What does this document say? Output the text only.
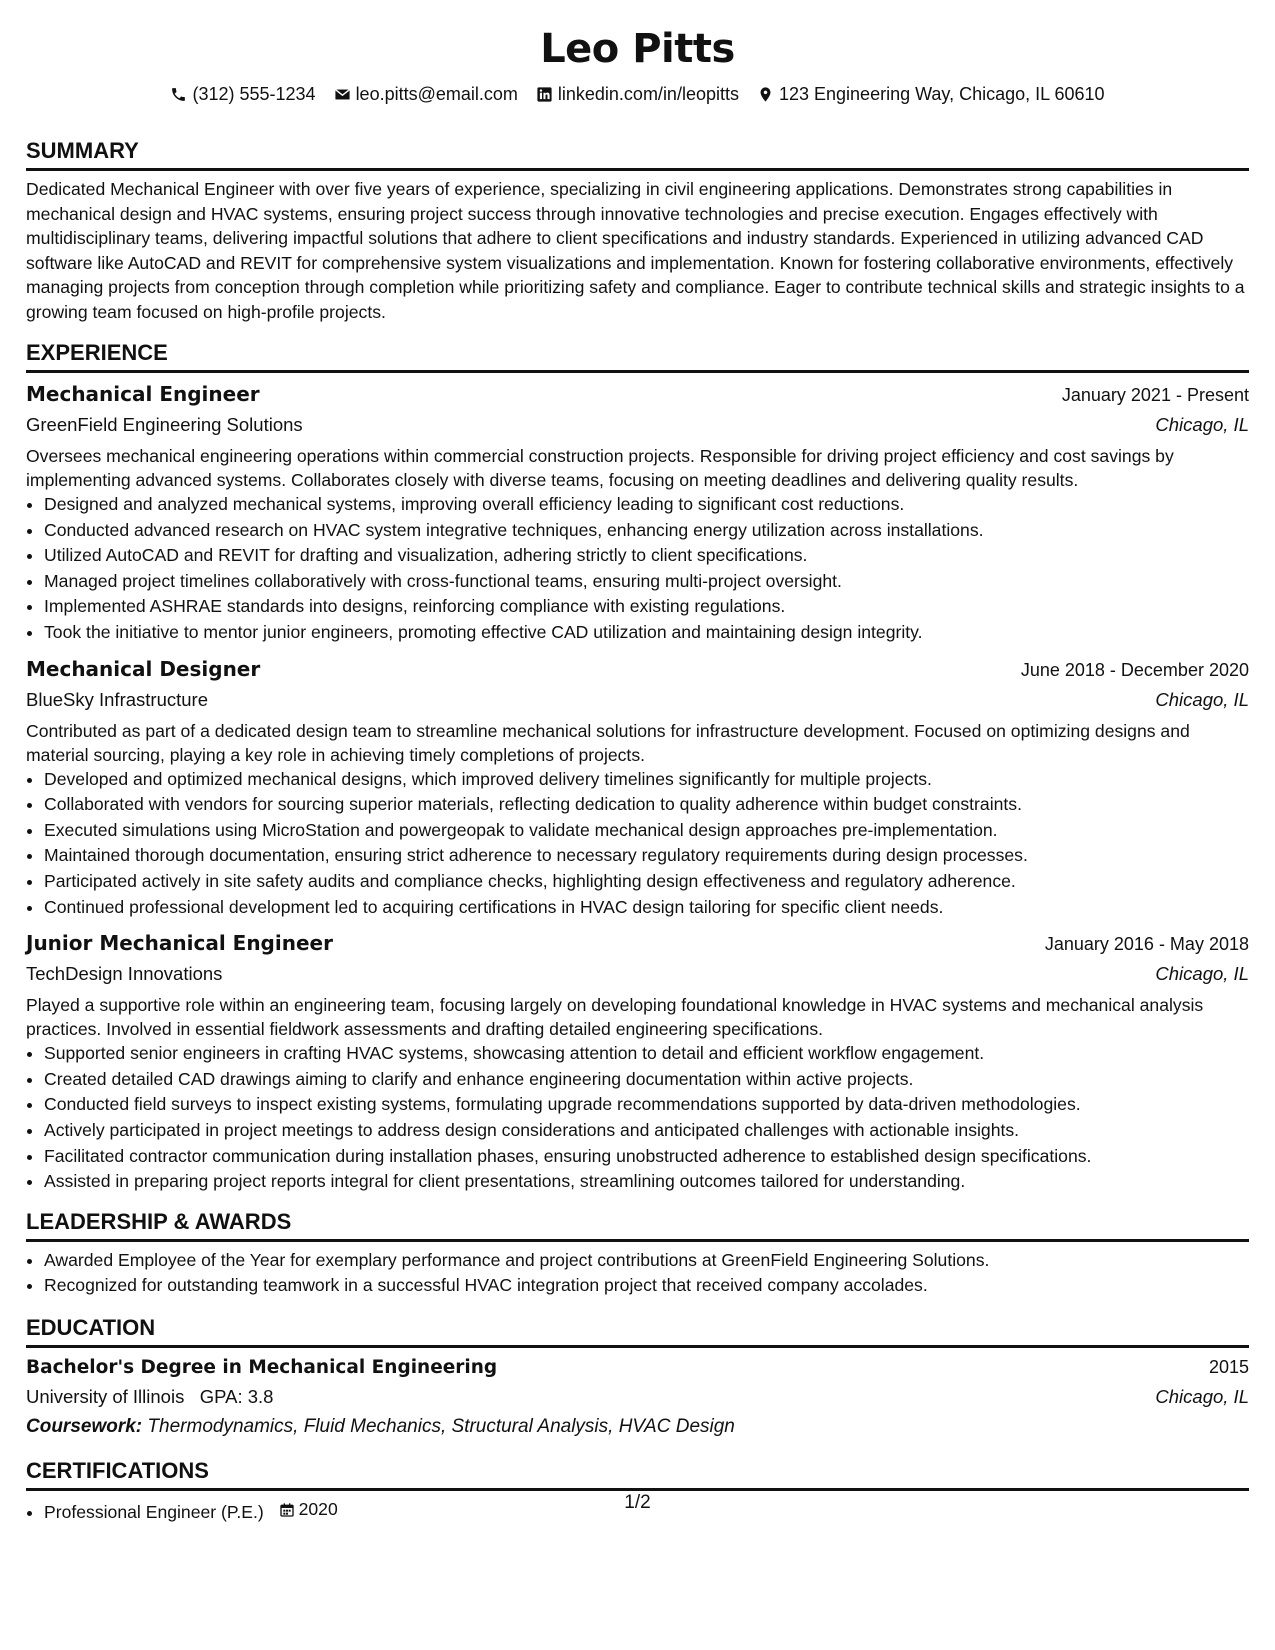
Leo Pitts
(312) 555-1234 leo.pitts@email.com linkedin.com/in/leopitts 123 Engineering Way, Chicago, IL 60610
SUMMARY
Dedicated Mechanical Engineer with over five years of experience, specializing in civil engineering applications. Demonstrates strong capabilities in mechanical design and HVAC systems, ensuring project success through innovative technologies and precise execution. Engages effectively with multidisciplinary teams, delivering impactful solutions that adhere to client specifications and industry standards. Experienced in utilizing advanced CAD software like AutoCAD and REVIT for comprehensive system visualizations and implementation. Known for fostering collaborative environments, effectively managing projects from conception through completion while prioritizing safety and compliance. Eager to contribute technical skills and strategic insights to a growing team focused on high-profile projects.
EXPERIENCE
Mechanical Engineer	January 2021 - Present
GreenField Engineering Solutions	Chicago, IL
Oversees mechanical engineering operations within commercial construction projects. Responsible for driving project efficiency and cost savings by implementing advanced systems. Collaborates closely with diverse teams, focusing on meeting deadlines and delivering quality results.
• Designed and analyzed mechanical systems, improving overall efficiency leading to significant cost reductions.
• Conducted advanced research on HVAC system integrative techniques, enhancing energy utilization across installations.
• Utilized AutoCAD and REVIT for drafting and visualization, adhering strictly to client specifications.
• Managed project timelines collaboratively with cross-functional teams, ensuring multi-project oversight.
• Implemented ASHRAE standards into designs, reinforcing compliance with existing regulations.
• Took the initiative to mentor junior engineers, promoting effective CAD utilization and maintaining design integrity.
Mechanical Designer	June 2018 - December 2020
BlueSky Infrastructure	Chicago, IL
Contributed as part of a dedicated design team to streamline mechanical solutions for infrastructure development. Focused on optimizing designs and material sourcing, playing a key role in achieving timely completions of projects.
• Developed and optimized mechanical designs, which improved delivery timelines significantly for multiple projects.
• Collaborated with vendors for sourcing superior materials, reflecting dedication to quality adherence within budget constraints.
• Executed simulations using MicroStation and powergeopak to validate mechanical design approaches pre-implementation.
• Maintained thorough documentation, ensuring strict adherence to necessary regulatory requirements during design processes.
• Participated actively in site safety audits and compliance checks, highlighting design effectiveness and regulatory adherence.
• Continued professional development led to acquiring certifications in HVAC design tailoring for specific client needs.
Junior Mechanical Engineer	January 2016 - May 2018
TechDesign Innovations	Chicago, IL
Played a supportive role within an engineering team, focusing largely on developing foundational knowledge in HVAC systems and mechanical analysis practices. Involved in essential fieldwork assessments and drafting detailed engineering specifications.
• Supported senior engineers in crafting HVAC systems, showcasing attention to detail and efficient workflow engagement.
• Created detailed CAD drawings aiming to clarify and enhance engineering documentation within active projects.
• Conducted field surveys to inspect existing systems, formulating upgrade recommendations supported by data-driven methodologies.
• Actively participated in project meetings to address design considerations and anticipated challenges with actionable insights.
• Facilitated contractor communication during installation phases, ensuring unobstructed adherence to established design specifications.
• Assisted in preparing project reports integral for client presentations, streamlining outcomes tailored for understanding.
LEADERSHIP & AWARDS
• Awarded Employee of the Year for exemplary performance and project contributions at GreenField Engineering Solutions.
• Recognized for outstanding teamwork in a successful HVAC integration project that received company accolades.
EDUCATION
Bachelor's Degree in Mechanical Engineering	2015
University of Illinois GPA: 3.8	Chicago, IL
Coursework: Thermodynamics, Fluid Mechanics, Structural Analysis, HVAC Design
CERTIFICATIONS
• Professional Engineer (P.E.) 2020	1/2
